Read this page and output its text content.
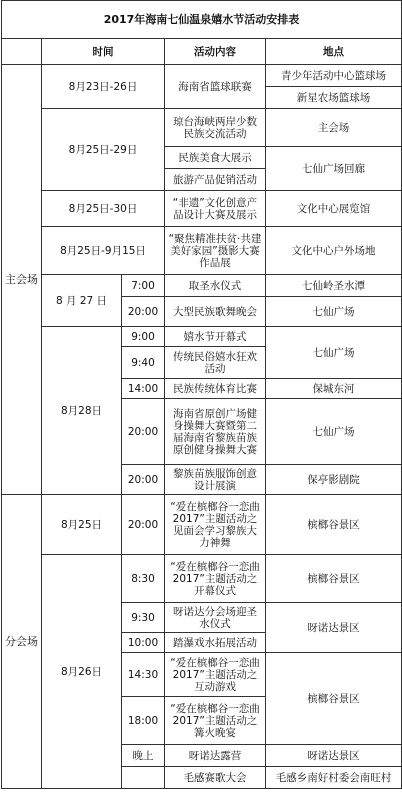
2017年海南七仙温泉嬉水节活动安排表				
	时间		活动内容	地点
主会场	8月23日-26日		海南省篮球联赛	青少年活动中心篮球场
				新星农场篮球场
	8月25日-29日		琼台海峡两岸少数民族交流活动	主会场
			民族美食大展示	七仙广场回廊
			旅游产品促销活动	
	8月25日-30日		“非遗”文化创意产品设计大赛及展示	文化中心展览馆
	8月25日-9月15日		“聚焦精准扶贫·共建美好家园”摄影大赛作品展	文化中心户外场地
	8 月 27 日	7:00	取圣水仪式	七仙岭圣水潭
		20:00	大型民族歌舞晚会	七仙广场
	8月28日	9:00	嬉水节开幕式	七仙广场
		9:40	传统民俗嬉水狂欢活动	
		14:00	民族传统体育比赛	保城东河
		20:00	海南省原创广场健身操舞大赛暨第二届海南省黎族苗族原创健身操舞大赛	七仙广场
		20:00	黎族苗族服饰创意设计展演	保亭影剧院
分会场	8月25日	20:00	“爱在槟榔谷一恋曲2017”主题活动之见面会学习黎族大力神舞	槟榔谷景区
	8月26日	8:30	“爱在槟榔谷一恋曲 2017”主题活动之开幕仪式	槟榔谷景区
		9:30	呀诺达分会场迎圣水仪式	呀诺达景区
		10:00	踏瀑戏水拓展活动	
		14:30	“爱在槟榔谷一恋曲 2017”主题活动之互动游戏	槟榔谷景区
		18:00	“爱在槟榔谷一恋曲 2017”主题活动之篝火晚宴	
		晚上	呀诺达露营	呀诺达景区
			毛感赛歌大会	毛感乡南好村委会南旺村
